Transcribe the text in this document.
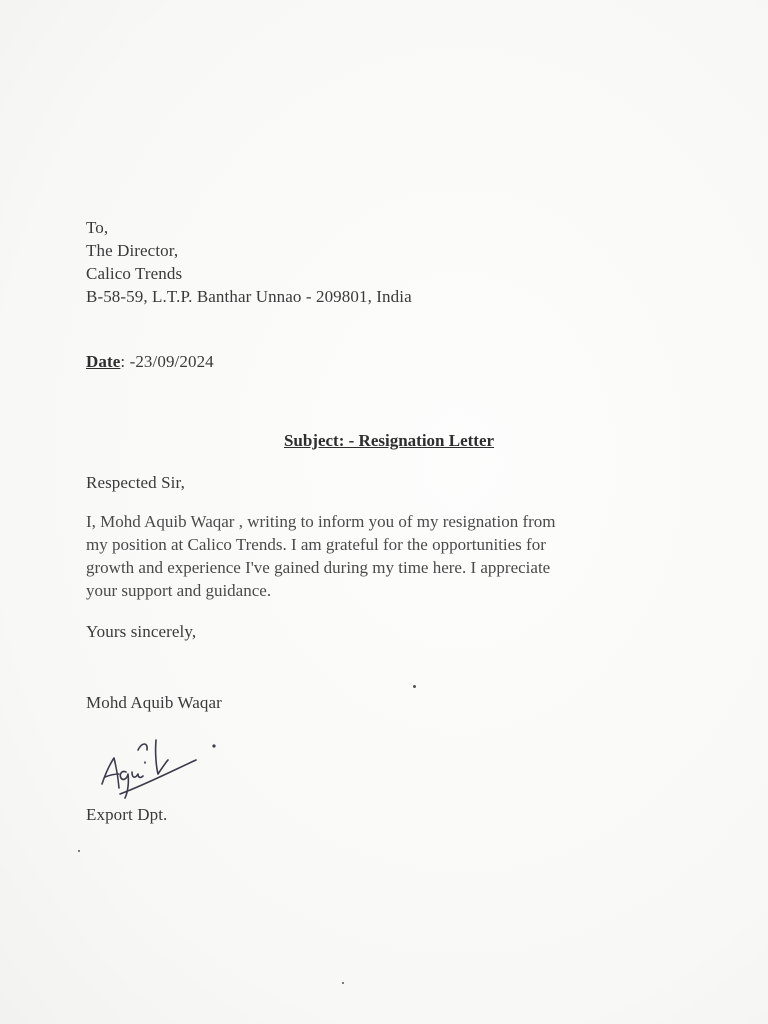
To,
The Director,
Calico Trends
B-58-59, L.T.P. Banthar Unnao - 209801, India
Date: -23/09/2024
Subject: - Resignation Letter
Respected Sir,
I, Mohd Aquib Waqar , writing to inform you of my resignation from
my position at Calico Trends. I am grateful for the opportunities for
growth and experience I've gained during my time here. I appreciate
your support and guidance.
Yours sincerely,
Mohd Aquib Waqar
Export Dpt.
